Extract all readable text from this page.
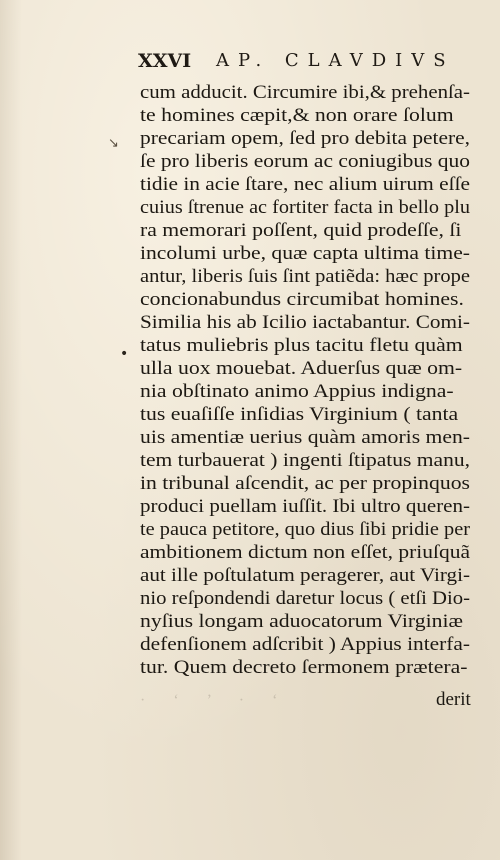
XXVI AP. CLAVDIVS
↘
•
cum adducit. Circumire ibi,& prehenſa-
te homines cæpit,& non orare ſolum
precariam opem, ſed pro debita petere,
ſe pro liberis eorum ac coniugibus quo
tidie in acie ſtare, nec alium uirum eſſe
cuius ſtrenue ac fortiter facta in bello plu
ra memorari poſſent, quid prodeſſe, ſi
incolumi urbe, quæ capta ultima time-
antur, liberis ſuis ſint patiẽda: hæc prope
concionabundus circumibat homines.
Similia his ab Icilio iactabantur. Comi-
tatus muliebris plus tacitu fletu quàm
ulla uox mouebat. Aduerſus quæ om-
nia obſtinato animo Appius indigna-
tus euaſiſſe inſidias Virginium ( tanta
uis amentiæ uerius quàm amoris men-
tem turbauerat ) ingenti ſtipatus manu,
in tribunal aſcendit, ac per propinquos
produci puellam iuſſit. Ibi ultro queren-
te pauca petitore, quo dius ſibi pridie per
ambitionem dictum non eſſet, priuſquã
aut ille poſtulatum peragerer, aut Virgi-
nio reſpondendi daretur locus ( etſi Dio-
nyſius longam aduocatorum Virginiæ
defenſionem adſcribit ) Appius interfa-
tur. Quem decreto ſermonem prætera-
· ‘ ’ · ‘	derit
